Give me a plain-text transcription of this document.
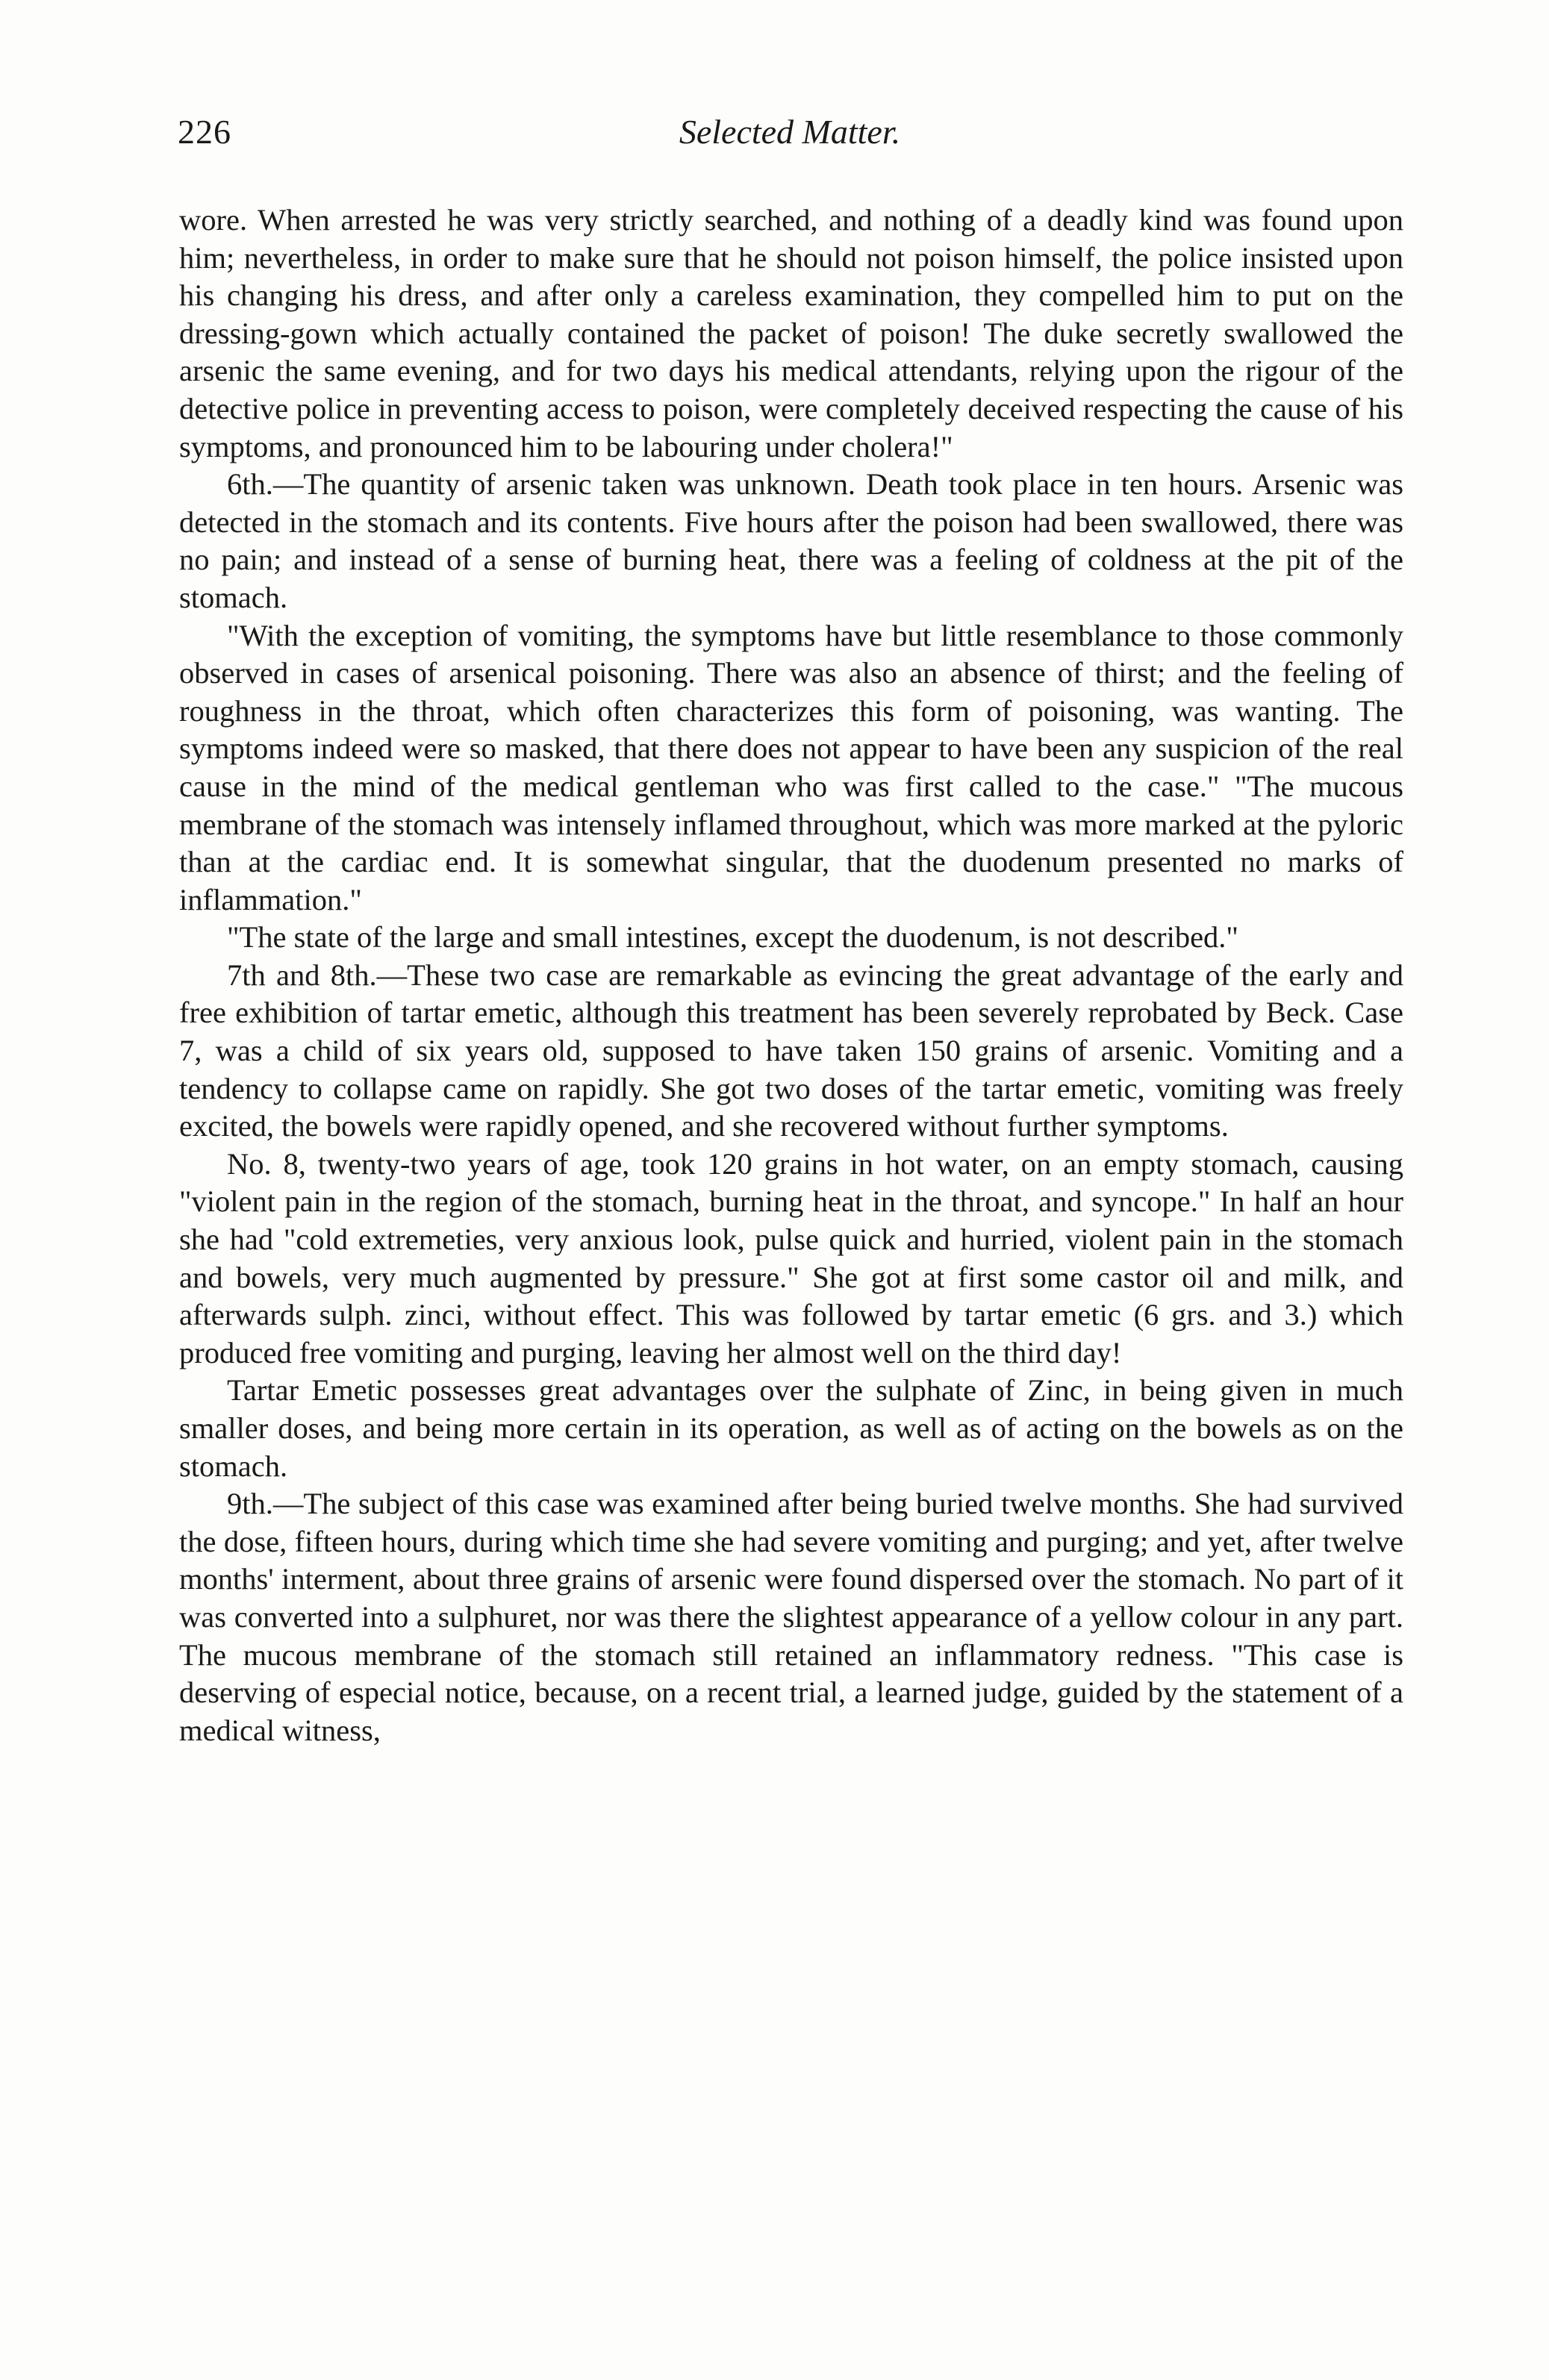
226	Selected Matter.

wore. When arrested he was very strictly searched, and nothing of a deadly kind was found upon him; nevertheless, in order to make sure that he should not poison himself, the police insisted upon his changing his dress, and after only a careless examination, they compelled him to put on the dressing-gown which actually contained the packet of poison! The duke secretly swallowed the arsenic the same evening, and for two days his medical attendants, relying upon the rigour of the detective police in preventing access to poison, were completely deceived respecting the cause of his symptoms, and pronounced him to be labouring under cholera!"

6th.—The quantity of arsenic taken was unknown. Death took place in ten hours. Arsenic was detected in the stomach and its contents. Five hours after the poison had been swallowed, there was no pain; and instead of a sense of burning heat, there was a feeling of coldness at the pit of the stomach.

"With the exception of vomiting, the symptoms have but little resemblance to those commonly observed in cases of arsenical poisoning. There was also an absence of thirst; and the feeling of roughness in the throat, which often characterizes this form of poisoning, was wanting. The symptoms indeed were so masked, that there does not appear to have been any suspicion of the real cause in the mind of the medical gentleman who was first called to the case." "The mucous membrane of the stomach was intensely inflamed throughout, which was more marked at the pyloric than at the cardiac end. It is somewhat singular, that the duodenum presented no marks of inflammation."

"The state of the large and small intestines, except the duodenum, is not described."

7th and 8th.—These two case are remarkable as evincing the great advantage of the early and free exhibition of tartar emetic, although this treatment has been severely reprobated by Beck. Case 7, was a child of six years old, supposed to have taken 150 grains of arsenic. Vomiting and a tendency to collapse came on rapidly. She got two doses of the tartar emetic, vomiting was freely excited, the bowels were rapidly opened, and she recovered without further symptoms.

No. 8, twenty-two years of age, took 120 grains in hot water, on an empty stomach, causing "violent pain in the region of the stomach, burning heat in the throat, and syncope." In half an hour she had "cold extremeties, very anxious look, pulse quick and hurried, violent pain in the stomach and bowels, very much augmented by pressure." She got at first some castor oil and milk, and afterwards sulph. zinci, without effect. This was followed by tartar emetic (6 grs. and 3.) which produced free vomiting and purging, leaving her almost well on the third day!

Tartar Emetic possesses great advantages over the sulphate of Zinc, in being given in much smaller doses, and being more certain in its operation, as well as of acting on the bowels as on the stomach.

9th.—The subject of this case was examined after being buried twelve months. She had survived the dose, fifteen hours, during which time she had severe vomiting and purging; and yet, after twelve months' interment, about three grains of arsenic were found dispersed over the stomach. No part of it was converted into a sulphuret, nor was there the slightest appearance of a yellow colour in any part. The mucous membrane of the stomach still retained an inflammatory redness. "This case is deserving of especial notice, because, on a recent trial, a learned judge, guided by the statement of a medical witness,
